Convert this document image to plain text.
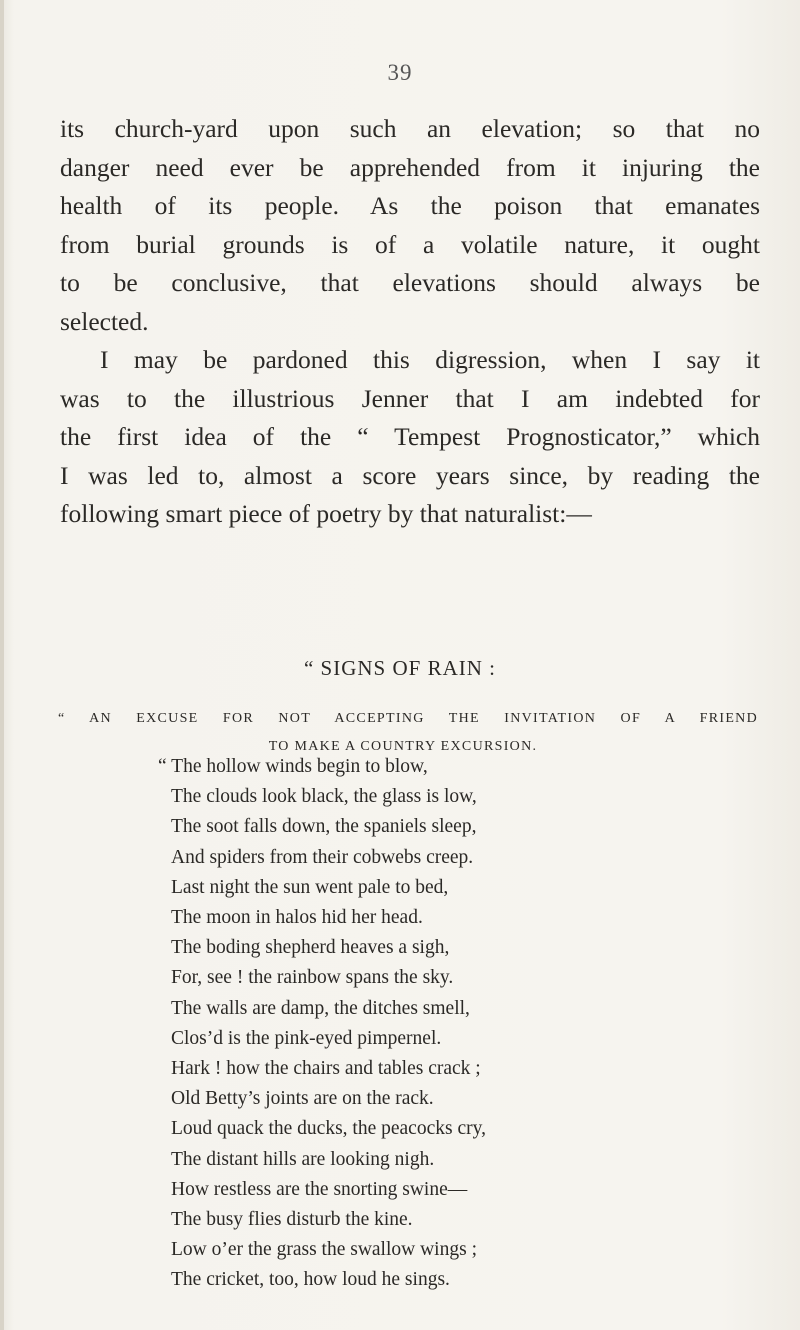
39
its church-yard upon such an elevation; so that no
danger need ever be apprehended from it injuring the
health of its people. As the poison that emanates
from burial grounds is of a volatile nature, it ought
to be conclusive, that elevations should always be
selected.
I may be pardoned this digression, when I say it
was to the illustrious Jenner that I am indebted for
the first idea of the “ Tempest Prognosticator,” which
I was led to, almost a score years since, by reading the
following smart piece of poetry by that naturalist:—
“ SIGNS OF RAIN :
“ AN EXCUSE FOR NOT ACCEPTING THE INVITATION OF A FRIEND
TO MAKE A COUNTRY EXCURSION.
“ The hollow winds begin to blow,
The clouds look black, the glass is low,
The soot falls down, the spaniels sleep,
And spiders from their cobwebs creep.
Last night the sun went pale to bed,
The moon in halos hid her head.
The boding shepherd heaves a sigh,
For, see ! the rainbow spans the sky.
The walls are damp, the ditches smell,
Clos’d is the pink-eyed pimpernel.
Hark ! how the chairs and tables crack ;
Old Betty’s joints are on the rack.
Loud quack the ducks, the peacocks cry,
The distant hills are looking nigh.
How restless are the snorting swine—
The busy flies disturb the kine.
Low o’er the grass the swallow wings ;
The cricket, too, how loud he sings.
